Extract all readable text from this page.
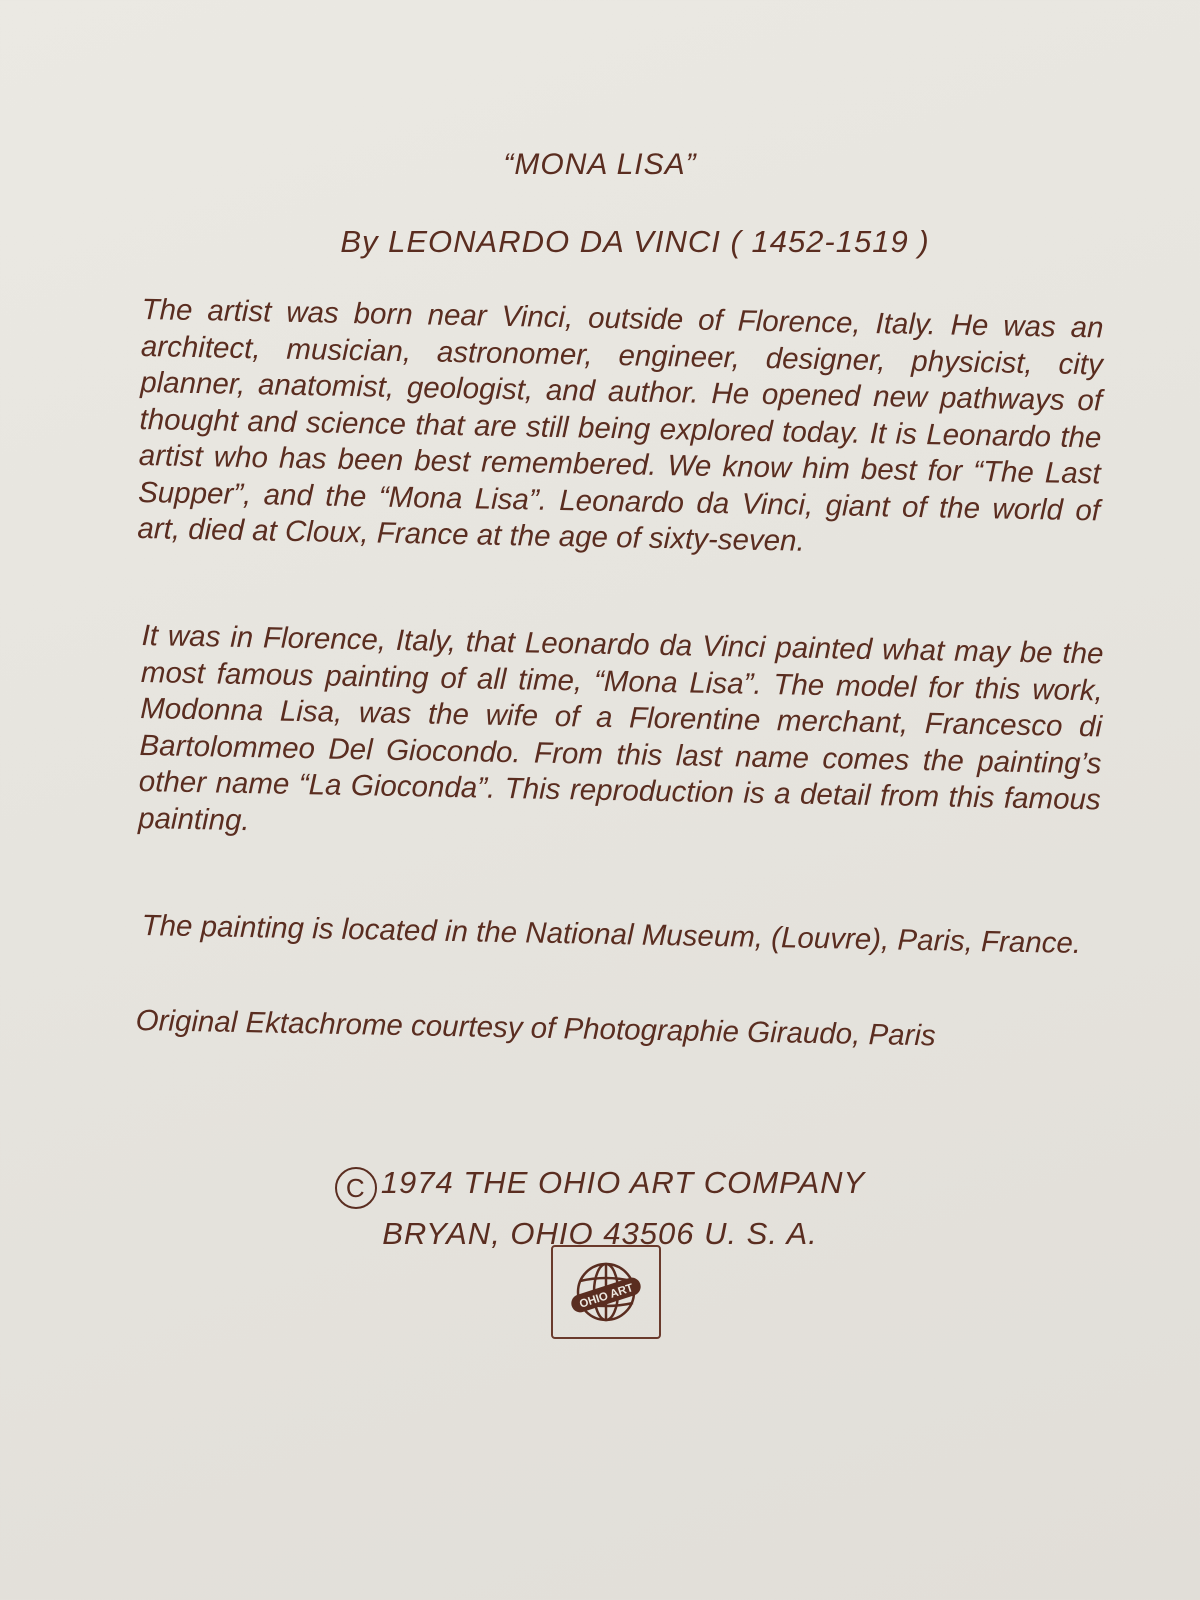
“MONA LISA”

By LEONARDO DA VINCI ( 1452-1519 )

The artist was born near Vinci, outside of Florence, Italy. He was an architect, musician, astronomer, engineer, designer, physicist, city planner, anatomist, geologist, and author. He opened new pathways of thought and science that are still being explored today. It is Leonardo the artist who has been best remembered. We know him best for “The Last Supper”, and the “Mona Lisa”. Leonardo da Vinci, giant of the world of art, died at Cloux, France at the age of sixty-seven.

It was in Florence, Italy, that Leonardo da Vinci painted what may be the most famous painting of all time, “Mona Lisa”. The model for this work, Modonna Lisa, was the wife of a Florentine merchant, Francesco di Bartolommeo Del Giocondo. From this last name comes the painting’s other name “La Gioconda”. This reproduction is a detail from this famous painting.

The painting is located in the National Museum, (Louvre), Paris, France.

Original Ektachrome courtesy of Photographie Giraudo, Paris

C 1974 THE OHIO ART COMPANY
BRYAN, OHIO 43506 U. S. A.
OHIO ART
